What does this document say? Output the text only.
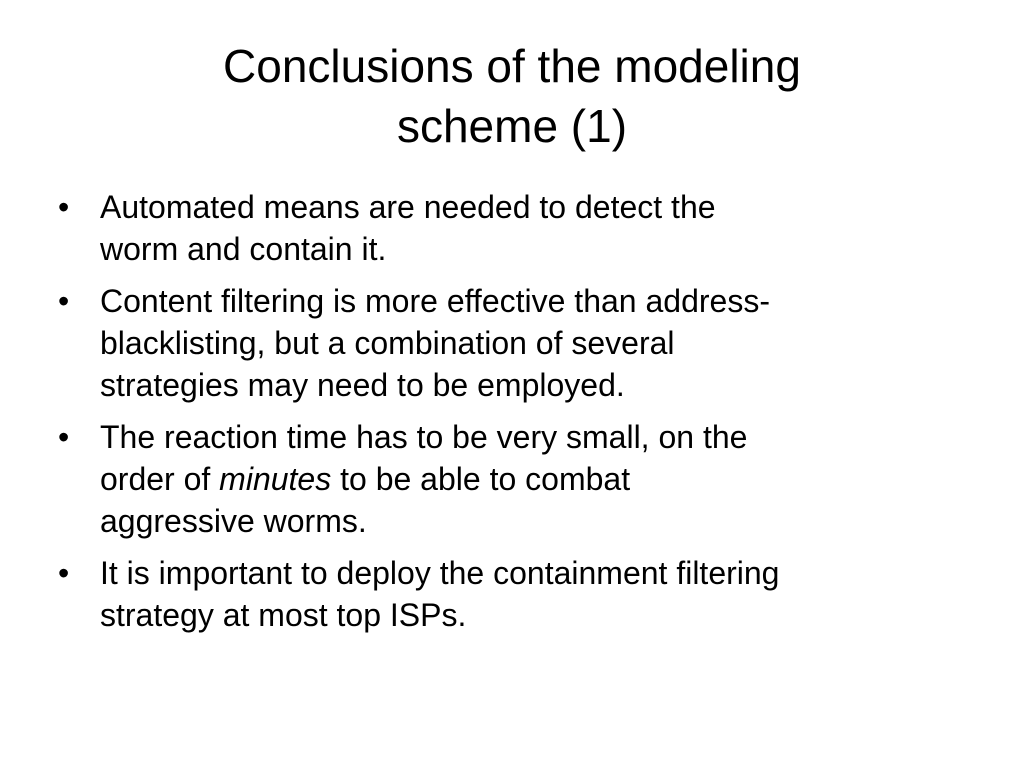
Conclusions of the modeling
scheme (1)
• Automated means are needed to detect the
worm and contain it.
• Content filtering is more effective than address-
blacklisting, but a combination of several
strategies may need to be employed.
• The reaction time has to be very small, on the
order of minutes to be able to combat
aggressive worms.
• It is important to deploy the containment filtering
strategy at most top ISPs.
